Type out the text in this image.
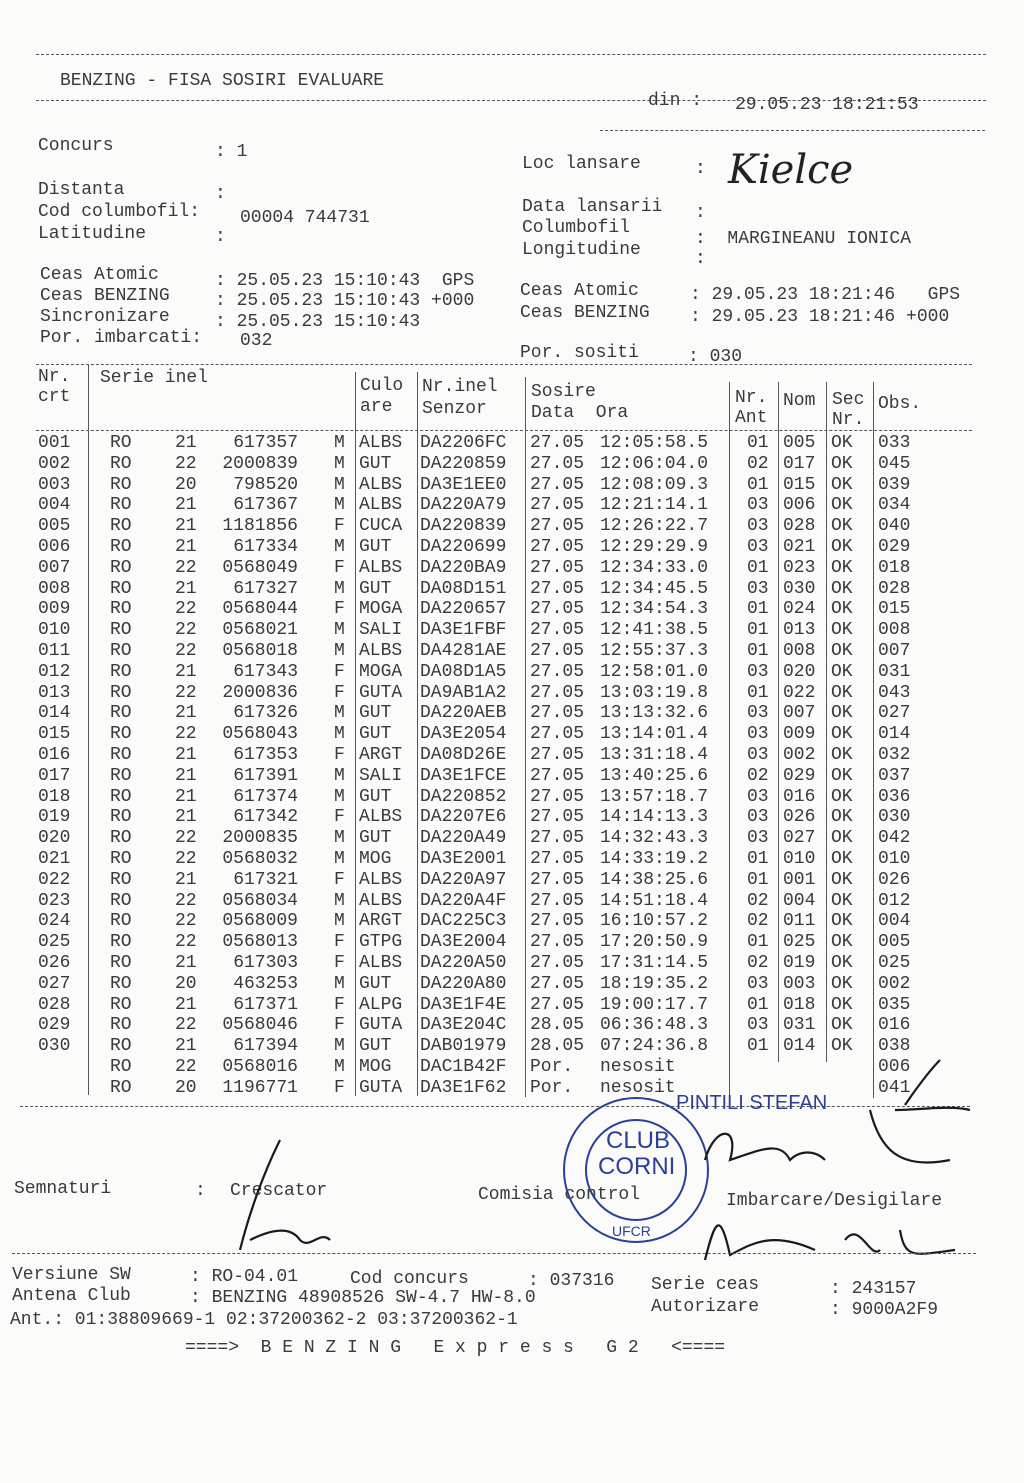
BENZING - FISA SOSIRI EVALUARE
din : 29.05.23 18:21:53
Concurs	: 1
Distanta	:
Cod columbofil: 00004 744731
Latitudine	:
Loc lansare	: Kielce
Data lansarii :
Columbofil
:  MARGINEANU IONICA
Longitudine	:
Ceas Atomic	: 25.05.23 15:10:43  GPS
Ceas BENZING	: 25.05.23 15:10:43 +000
Sincronizare	: 25.05.23 15:10:43
Por. imbarcati: 032
Ceas Atomic	: 29.05.23 18:21:46   GPS
Ceas BENZING : 29.05.23 18:21:46 +000
Por. sositi	: 030
Nr.
crt
Serie inel	Culo
are
Nr.inel
Senzor
Sosire
Data  Ora
Nr.
Ant
Nom Sec
Nr.
Obs.
001 RO 21	617357 M ALBS DA2206FC 27.05 12:05:58.5 01 005 OK 033
002 RO 22	2000839 M GUT DA220859 27.05 12:06:04.0 02 017 OK 045
003 RO 20	798520 M ALBS DA3E1EE0 27.05 12:08:09.3 01 015 OK 039
004 RO 21	617367 M ALBS DA220A79 27.05 12:21:14.1 03 006 OK 034
005 RO 21	1181856 F CUCA DA220839 27.05 12:26:22.7 03 028 OK 040
006 RO 21	617334 M GUT DA220699 27.05 12:29:29.9 03 021 OK 029
007 RO 22	0568049 F ALBS DA220BA9 27.05 12:34:33.0 01 023 OK 018
008 RO 21	617327 M GUT DA08D151 27.05 12:34:45.5 03 030 OK 028
009 RO 22	0568044 F MOGA DA220657 27.05 12:34:54.3 01 024 OK 015
010 RO 22	0568021 M SALI DA3E1FBF 27.05 12:41:38.5 01 013 OK 008
011 RO 22	0568018 M ALBS DA4281AE 27.05 12:55:37.3 01 008 OK 007
012 RO 21	617343 F MOGA DA08D1A5 27.05 12:58:01.0 03 020 OK 031
013 RO 22	2000836 F GUTA DA9AB1A2 27.05 13:03:19.8 01 022 OK 043
014 RO 21	617326 M GUT DA220AEB 27.05 13:13:32.6 03 007 OK 027
015 RO 22	0568043 M GUT DA3E2054 27.05 13:14:01.4 03 009 OK 014
016 RO 21	617353 F ARGT DA08D26E 27.05 13:31:18.4 03 002 OK 032
017 RO 21	617391 M SALI DA3E1FCE 27.05 13:40:25.6 02 029 OK 037
018 RO 21	617374 M GUT DA220852 27.05 13:57:18.7 03 016 OK 036
019 RO 21	617342 F ALBS DA2207E6 27.05 14:14:13.3 03 026 OK 030
020 RO 22	2000835 M GUT DA220A49 27.05 14:32:43.3 03 027 OK 042
021 RO 22	0568032 M MOG DA3E2001 27.05 14:33:19.2 01 010 OK 010
022 RO 21	617321 F ALBS DA220A97 27.05 14:38:25.6 01 001 OK 026
023 RO 22	0568034 M ALBS DA220A4F 27.05 14:51:18.4 02 004 OK 012
024 RO 22	0568009 M ARGT DAC225C3 27.05 16:10:57.2 02 011 OK 004
025 RO 22	0568013 F GTPG DA3E2004 27.05 17:20:50.9 01 025 OK 005
026 RO 21	617303 F ALBS DA220A50 27.05 17:31:14.5 02 019 OK 025
027 RO 20	463253 M GUT DA220A80 27.05 18:19:35.2 03 003 OK 002
028 RO 21	617371 F ALPG DA3E1F4E 27.05 19:00:17.7 01 018 OK 035
029 RO 22	0568046 F GUTA DA3E204C 28.05 06:36:48.3 03 031 OK 016
030 RO 21	617394 M GUT DAB01979 28.05 07:24:36.8 01 014 OK 038
RO 22	0568016 M MOG DAC1B42F Por. nesosit	006
RO 20	1196771 F GUTA DA3E1F62 Por. nesosit	041
PINTILI STEFAN
Semnaturi	: Crescator	Comisia control	Imbarcare/Desigilare
CLUB
CORNI
UFCR
Versiune SW	: RO-04.01	Cod concurs	: 037316 Serie ceas	: 243157
Antena Club	: BENZING 48908526 SW-4.7 HW-8.0	Autorizare	: 9000A2F9
Ant.: 01:38809669-1 02:37200362-2 03:37200362-1
====>  B E N Z I N G   E x p r e s s   G 2   <====
